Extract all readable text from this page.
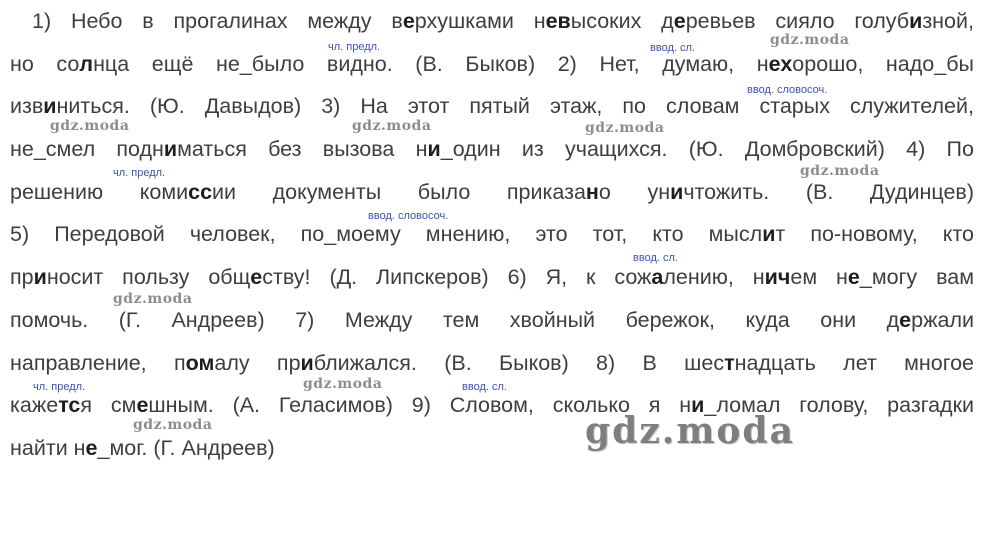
1) Небо в прогалинах между верхушками невысоких деревьев сияло голубизной,
но солнца ещё не_было видно. (В. Быков) 2) Нет, думаю, нехорошо, надо_бы
извиниться. (Ю. Давыдов) 3) На этот пятый этаж, по словам старых служителей,
не_смел подниматься без вызова ни_один из учащихся. (Ю. Домбровский) 4) По
решению комиссии документы было приказано уничтожить. (В. Дудинцев)
5) Передовой человек, по_моему мнению, это тот, кто мыслит по-новому, кто
приносит пользу обществу! (Д. Липскеров) 6) Я, к сожалению, ничем не_могу вам
помочь. (Г. Андреев) 7) Между тем хвойный бережок, куда они держали
направление, помалу приближался. (В. Быков) 8) В шестнадцать лет многое
кажется смешным. (А. Геласимов) 9) Словом, сколько я ни_ломал голову, разгадки
найти не_мог. (Г. Андреев)
чл. предл.	ввод. сл.
ввод. словосоч.
чл. предл.
ввод. словосоч.
ввод. сл.
чл. предл.	ввод. сл.
gdz.moda
gdz.moda	gdz.moda	gdz.moda
gdz.moda
gdz.moda
gdz.moda
gdz.moda	gdz.moda
